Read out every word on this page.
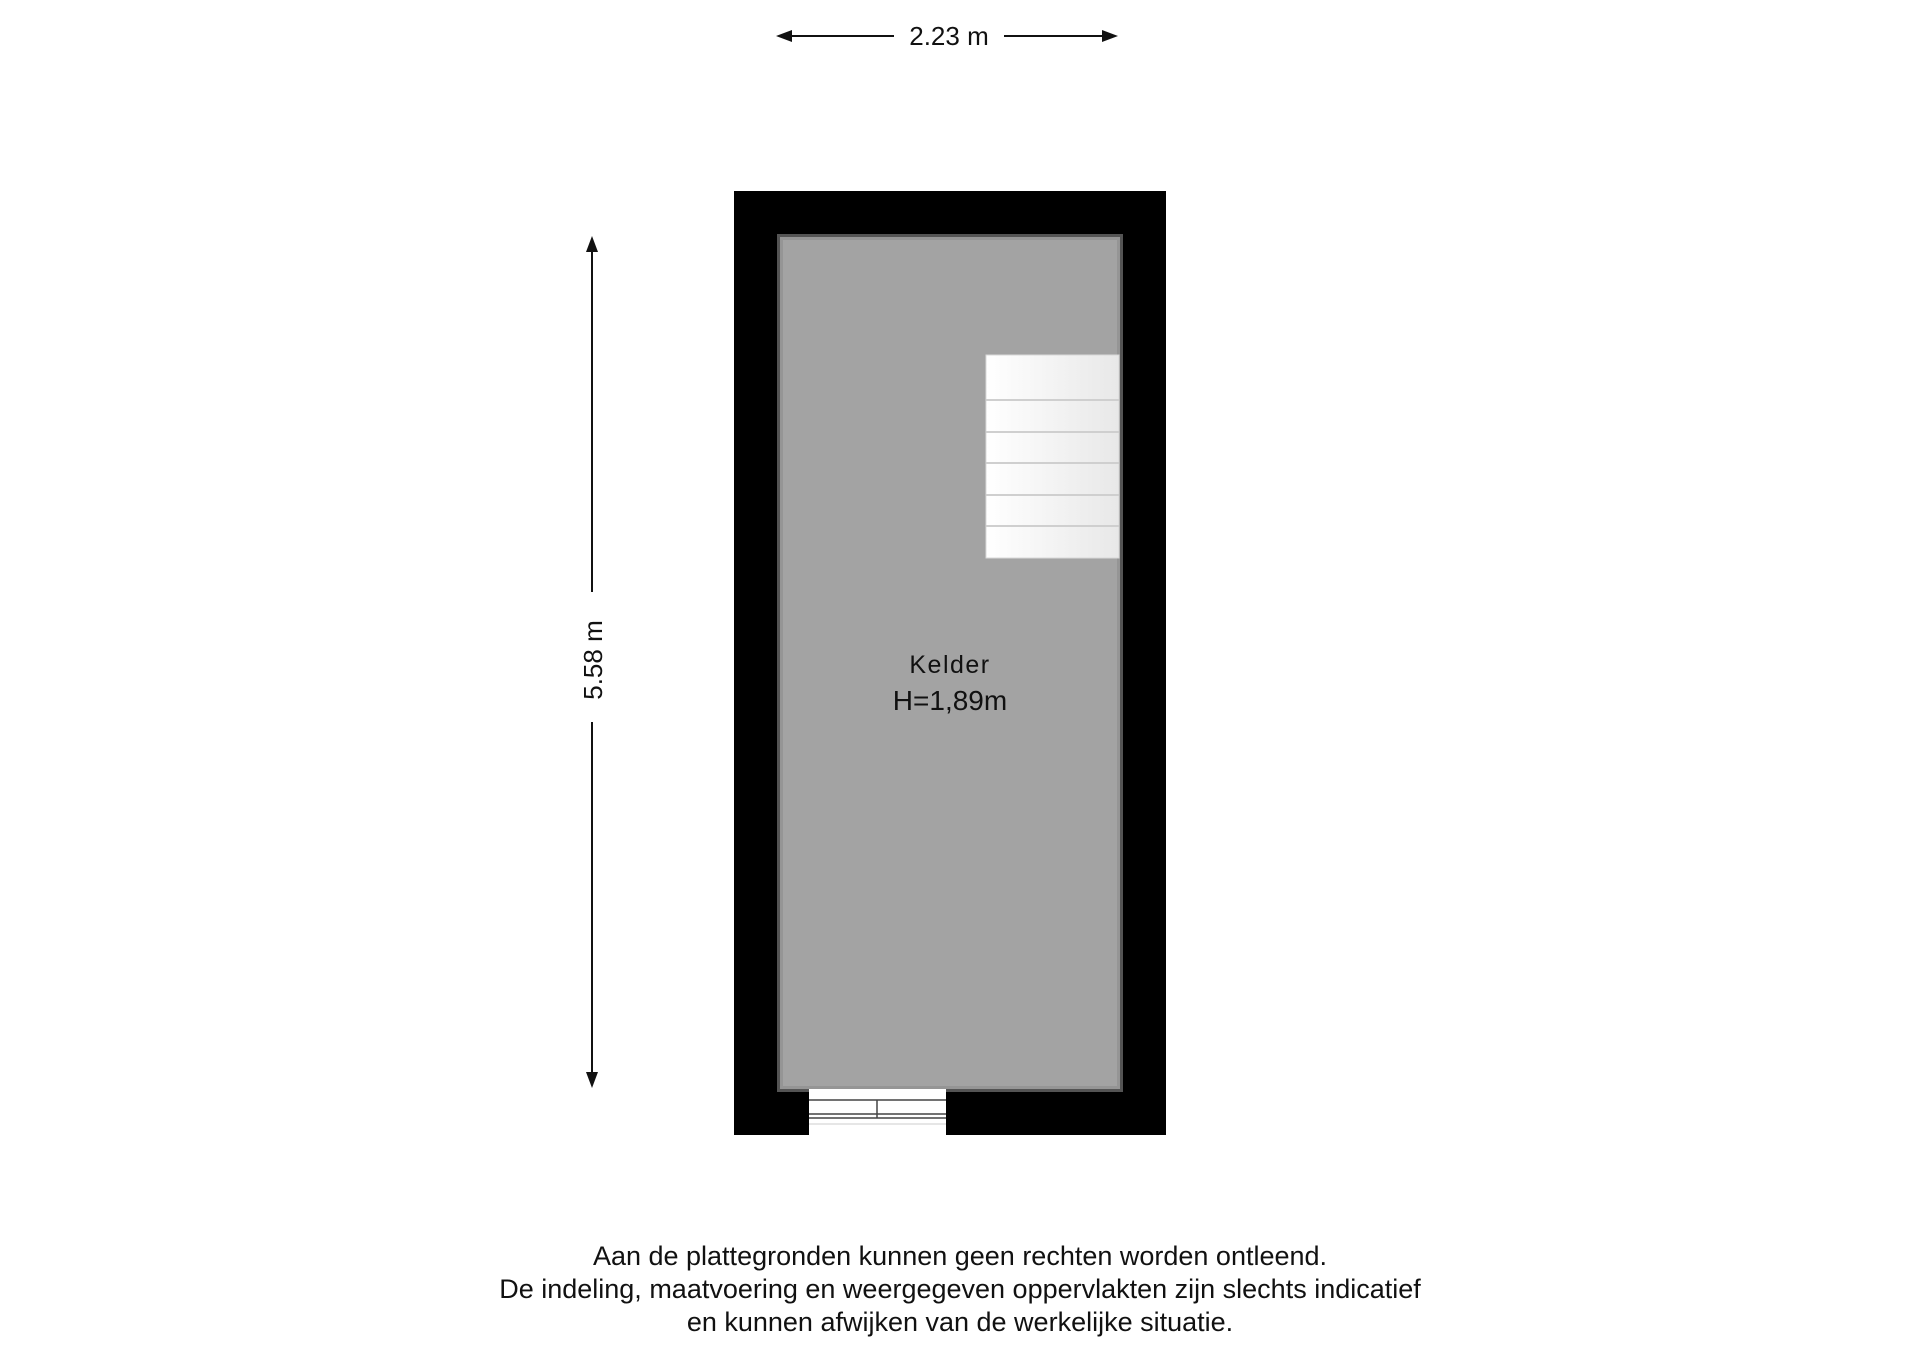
2.23 m
5.58 m	Kelder
H=1,89m
Aan de plattegronden kunnen geen rechten worden ontleend.
De indeling, maatvoering en weergegeven oppervlakten zijn slechts indicatief
en kunnen afwijken van de werkelijke situatie.
